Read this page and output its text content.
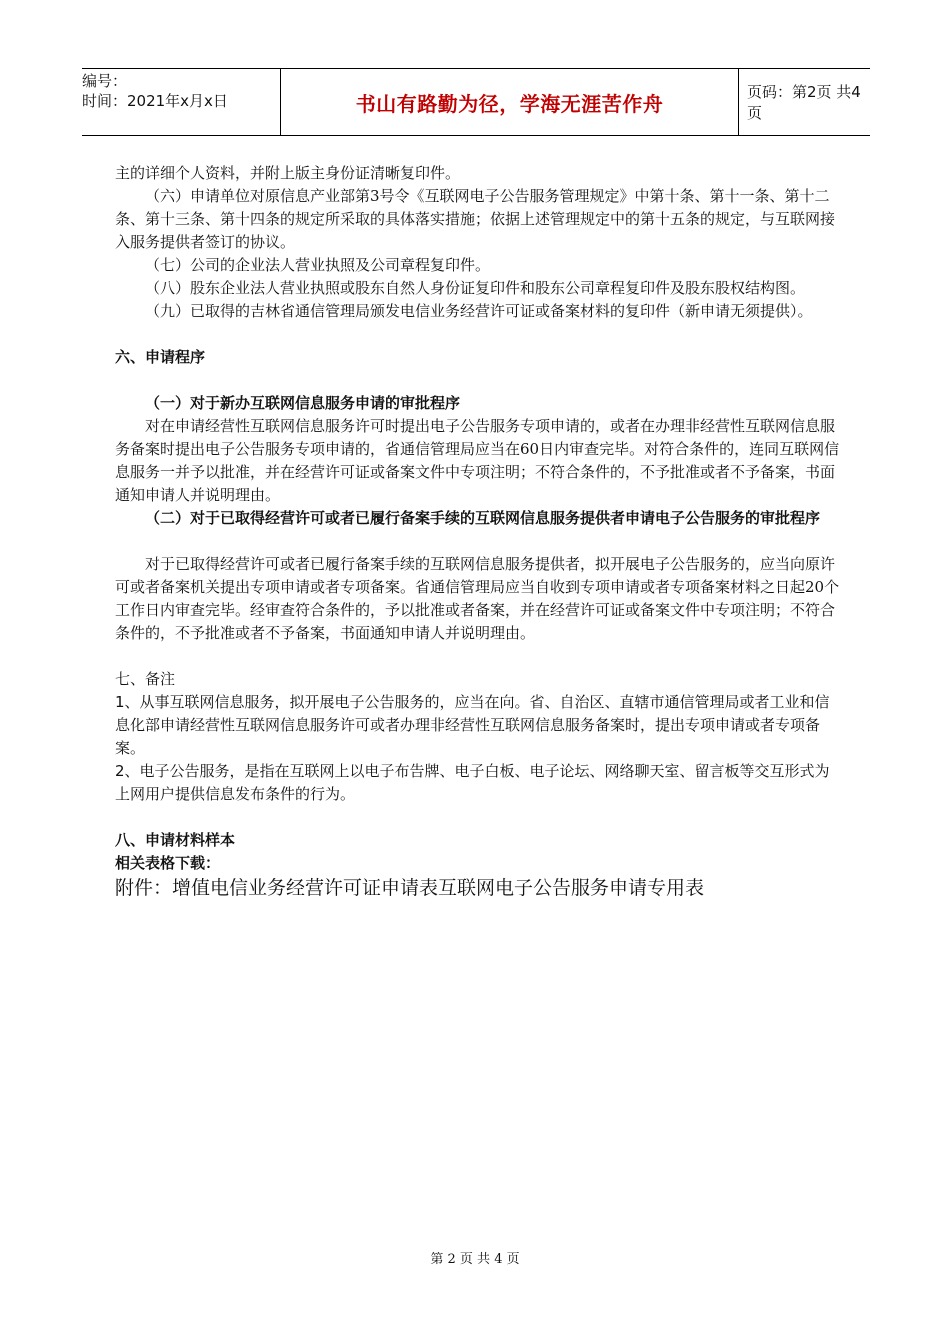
编号：
时间：2021年x月x日	书山有路勤为径，学海无涯苦作舟	页码：第2页 共4页

主的详细个人资料，并附上版主身份证清晰复印件。

（六）申请单位对原信息产业部第3号令《互联网电子公告服务管理规定》中第十条、第十一条、第十二条、第十三条、第十四条的规定所采取的具体落实措施；依据上述管理规定中的第十五条的规定，与互联网接入服务提供者签订的协议。

（七）公司的企业法人营业执照及公司章程复印件。

（八）股东企业法人营业执照或股东自然人身份证复印件和股东公司章程复印件及股东股权结构图。

（九）已取得的吉林省通信管理局颁发电信业务经营许可证或备案材料的复印件（新申请无须提供）。

六、申请程序

（一）对于新办互联网信息服务申请的审批程序

对在申请经营性互联网信息服务许可时提出电子公告服务专项申请的，或者在办理非经营性互联网信息服务备案时提出电子公告服务专项申请的，省通信管理局应当在60日内审查完毕。对符合条件的，连同互联网信息服务一并予以批准，并在经营许可证或备案文件中专项注明；不符合条件的，不予批准或者不予备案，书面通知申请人并说明理由。

（二）对于已取得经营许可或者已履行备案手续的互联网信息服务提供者申请电子公告服务的审批程序

对于已取得经营许可或者已履行备案手续的互联网信息服务提供者，拟开展电子公告服务的，应当向原许可或者备案机关提出专项申请或者专项备案。省通信管理局应当自收到专项申请或者专项备案材料之日起20个工作日内审查完毕。经审查符合条件的，予以批准或者备案，并在经营许可证或备案文件中专项注明；不符合条件的，不予批准或者不予备案，书面通知申请人并说明理由。

七、备注

1、从事互联网信息服务，拟开展电子公告服务的，应当在向。省、自治区、直辖市通信管理局或者工业和信息化部申请经营性互联网信息服务许可或者办理非经营性互联网信息服务备案时，提出专项申请或者专项备案。

2、电子公告服务，是指在互联网上以电子布告牌、电子白板、电子论坛、网络聊天室、留言板等交互形式为上网用户提供信息发布条件的行为。

八、申请材料样本

相关表格下载：

附件：增值电信业务经营许可证申请表互联网电子公告服务申请专用表

第 2 页 共 4 页
